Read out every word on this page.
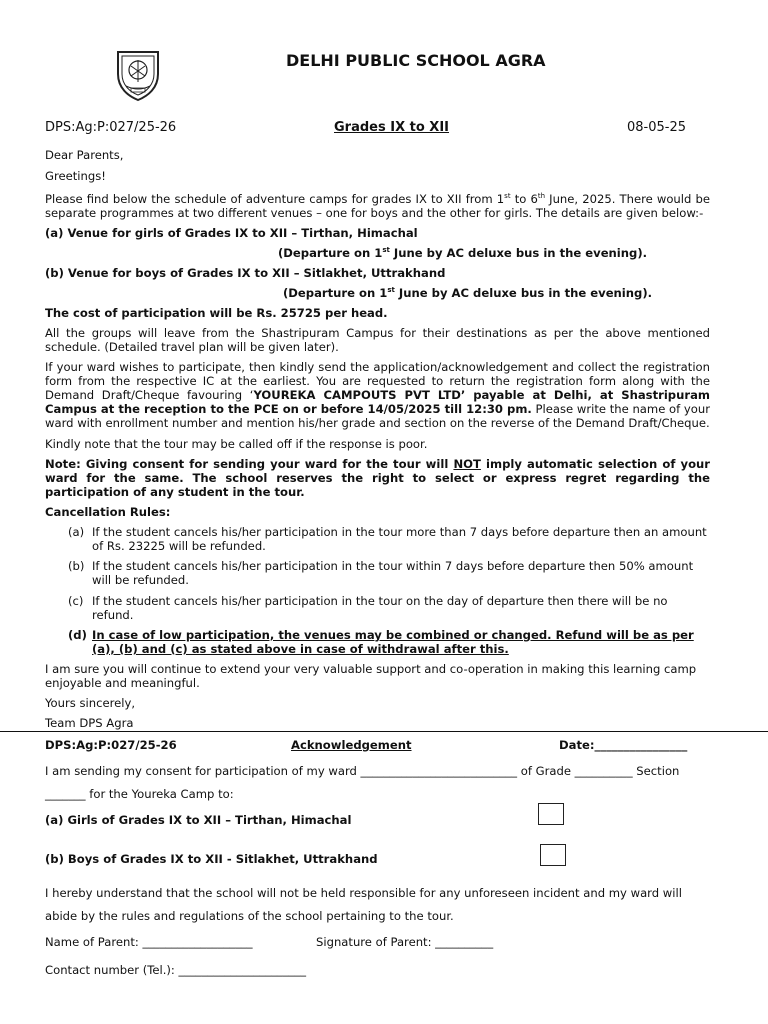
DELHI PUBLIC SCHOOL AGRA
DPS:Ag:P:027/25-26	Grades IX to XII	08-05-25
Dear Parents,
Greetings!
Please find below the schedule of adventure camps for grades IX to XII from 1st to 6th June, 2025. There would be separate programmes at two different venues – one for boys and the other for girls. The details are given below:-
(a) Venue for girls of Grades IX to XII – Tirthan, Himachal
(Departure on 1st June by AC deluxe bus in the evening).
(b) Venue for boys of Grades IX to XII – Sitlakhet, Uttrakhand
(Departure on 1st June by AC deluxe bus in the evening).
The cost of participation will be Rs. 25725 per head.
All the groups will leave from the Shastripuram Campus for their destinations as per the above mentioned schedule. (Detailed travel plan will be given later).
If your ward wishes to participate, then kindly send the application/acknowledgement and collect the registration form from the respective IC at the earliest. You are requested to return the registration form along with the Demand Draft/Cheque favouring ‘YOUREKA CAMPOUTS PVT LTD’ payable at Delhi, at Shastripuram Campus at the reception to the PCE on or before 14/05/2025 till 12:30 pm. Please write the name of your ward with enrollment number and mention his/her grade and section on the reverse of the Demand Draft/Cheque.
Kindly note that the tour may be called off if the response is poor.
Note: Giving consent for sending your ward for the tour will NOT imply automatic selection of your ward for the same. The school reserves the right to select or express regret regarding the participation of any student in the tour.
Cancellation Rules:
(a) If the student cancels his/her participation in the tour more than 7 days before departure then an amount of Rs. 23225 will be refunded.
(b) If the student cancels his/her participation in the tour within 7 days before departure then 50% amount will be refunded.
(c) If the student cancels his/her participation in the tour on the day of departure then there will be no refund.
(d) In case of low participation, the venues may be combined or changed. Refund will be as per (a), (b) and (c) as stated above in case of withdrawal after this.
I am sure you will continue to extend your very valuable support and co-operation in making this learning camp enjoyable and meaningful.
Yours sincerely,
Team DPS Agra
DPS:Ag:P:027/25-26	Acknowledgement	Date:________________
I am sending my consent for participation of my ward ___________________________ of Grade __________ Section
_______ for the Youreka Camp to:
(a) Girls of Grades IX to XII – Tirthan, Himachal
(b) Boys of Grades IX to XII - Sitlakhet, Uttrakhand
I hereby understand that the school will not be held responsible for any unforeseen incident and my ward will
abide by the rules and regulations of the school pertaining to the tour.
Name of Parent: ___________________	Signature of Parent: __________
Contact number (Tel.): ______________________
